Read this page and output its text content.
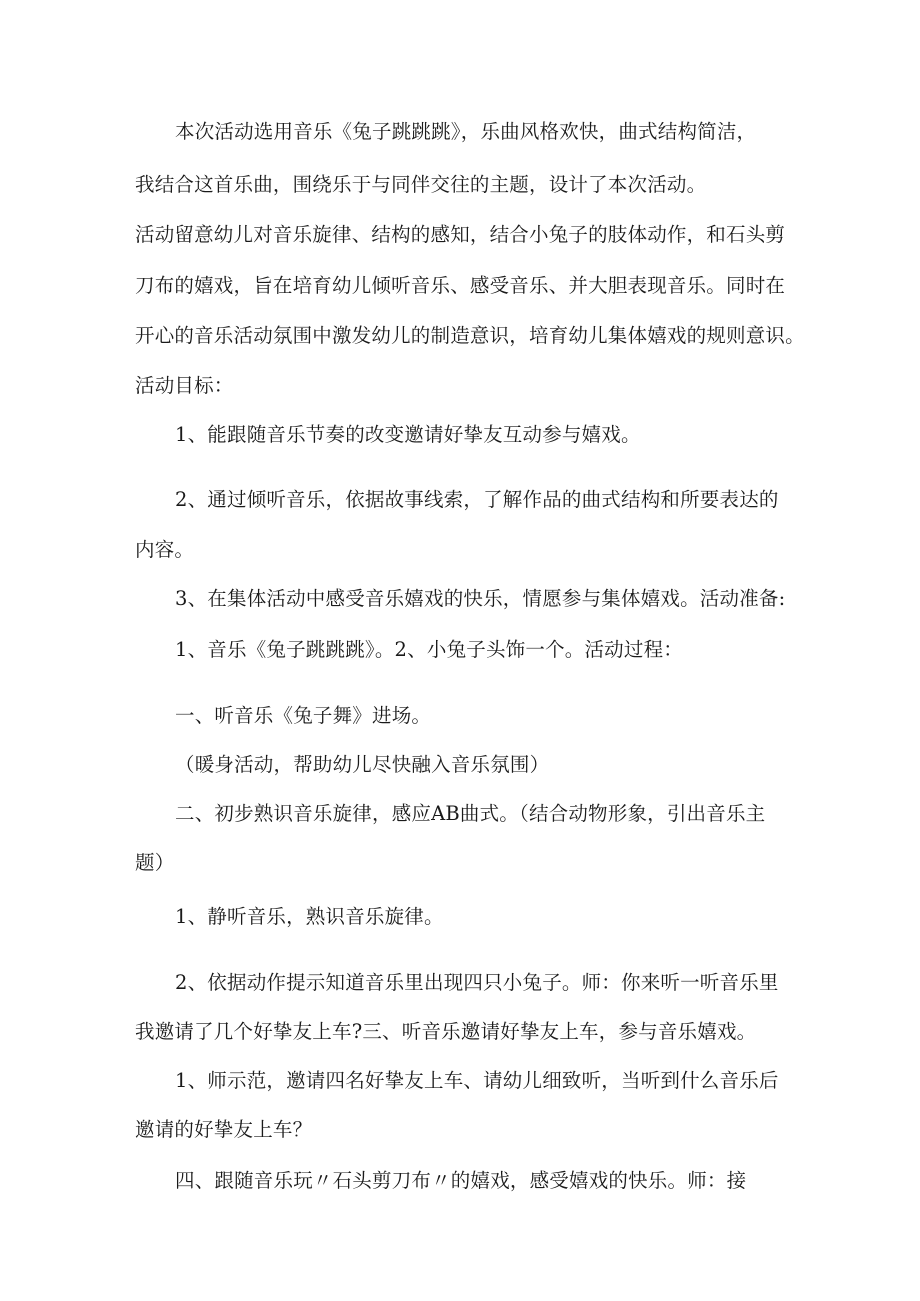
本次活动选用音乐《兔子跳跳跳》，乐曲风格欢快，曲式结构简洁，

我结合这首乐曲，围绕乐于与同伴交往的主题，设计了本次活动。

活动留意幼儿对音乐旋律、结构的感知，结合小兔子的肢体动作，和石头剪

刀布的嬉戏，旨在培育幼儿倾听音乐、感受音乐、并大胆表现音乐。同时在

开心的音乐活动氛围中激发幼儿的制造意识，培育幼儿集体嬉戏的规则意识。

活动目标：

1、能跟随音乐节奏的改变邀请好挚友互动参与嬉戏。

2、通过倾听音乐，依据故事线索，了解作品的曲式结构和所要表达的

内容。

3、在集体活动中感受音乐嬉戏的快乐，情愿参与集体嬉戏。活动准备:

1、音乐《兔子跳跳跳》。2、小兔子头饰一个。活动过程：

一、听音乐《兔子舞》进场。

（暖身活动，帮助幼儿尽快融入音乐氛围）

二、初步熟识音乐旋律，感应AB曲式。（结合动物形象，引出音乐主

题）

1、静听音乐，熟识音乐旋律。

2、依据动作提示知道音乐里出现四只小兔子。师：你来听一听音乐里

我邀请了几个好挚友上车?三、听音乐邀请好挚友上车，参与音乐嬉戏。

1、师示范，邀请四名好挚友上车、请幼儿细致听，当听到什么音乐后

邀请的好挚友上车？

四、跟随音乐玩〃石头剪刀布〃的嬉戏，感受嬉戏的快乐。师：接
